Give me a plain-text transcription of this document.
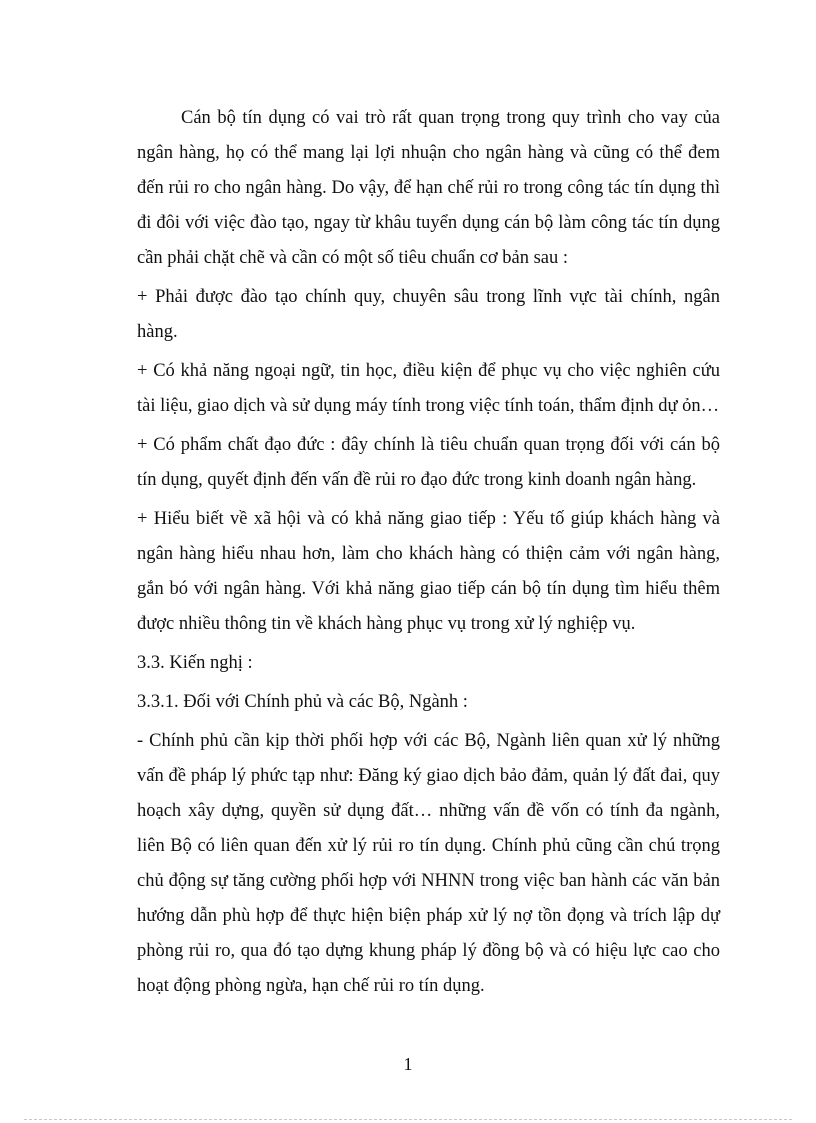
Cán bộ tín dụng có vai trò rất quan trọng trong quy trình cho vay của ngân hàng, họ có thể mang lại lợi nhuận cho ngân hàng và cũng có thể đem đến rủi ro cho ngân hàng. Do vậy, để hạn chế rủi ro trong công tác tín dụng thì đi đôi với việc đào tạo, ngay từ khâu tuyển dụng cán bộ làm công tác tín dụng cần phải chặt chẽ và cần có một số tiêu chuẩn cơ bản sau :

+ Phải được đào tạo chính quy, chuyên sâu trong lĩnh vực tài chính, ngân hàng.

+ Có khả năng ngoại ngữ, tin học, điều kiện để phục vụ cho việc nghiên cứu tài liệu, giao dịch và sử dụng máy tính trong việc tính toán, thẩm định dự ỏn…

+ Có phẩm chất đạo đức : đây chính là tiêu chuẩn quan trọng đối với cán bộ tín dụng, quyết định đến vấn đề rủi ro đạo đức trong kinh doanh ngân hàng.

+ Hiểu biết về xã hội và có khả năng giao tiếp : Yếu tố giúp khách hàng và ngân hàng hiểu nhau hơn, làm cho khách hàng có thiện cảm với ngân hàng, gắn bó với ngân hàng. Với khả năng giao tiếp cán bộ tín dụng tìm hiểu thêm được nhiều thông tin về khách hàng phục vụ trong xử lý nghiệp vụ.

3.3. Kiến nghị :

3.3.1. Đối với Chính phủ và các Bộ, Ngành :

- Chính phủ cần kịp thời phối hợp với các Bộ, Ngành liên quan xử lý những vấn đề pháp lý phức tạp như: Đăng ký giao dịch bảo đảm, quản lý đất đai, quy hoạch xây dựng, quyền sử dụng đất… những vấn đề vốn có tính đa ngành, liên Bộ có liên quan đến xử lý rủi ro tín dụng. Chính phủ cũng cần chú trọng chủ động sự tăng cường phối hợp với NHNN trong việc ban hành các văn bản hướng dẫn phù hợp để thực hiện biện pháp xử lý nợ tồn đọng và trích lập dự phòng rủi ro, qua đó tạo dựng khung pháp lý đồng bộ và có hiệu lực cao cho hoạt động phòng ngừa, hạn chế rủi ro tín dụng.

1
